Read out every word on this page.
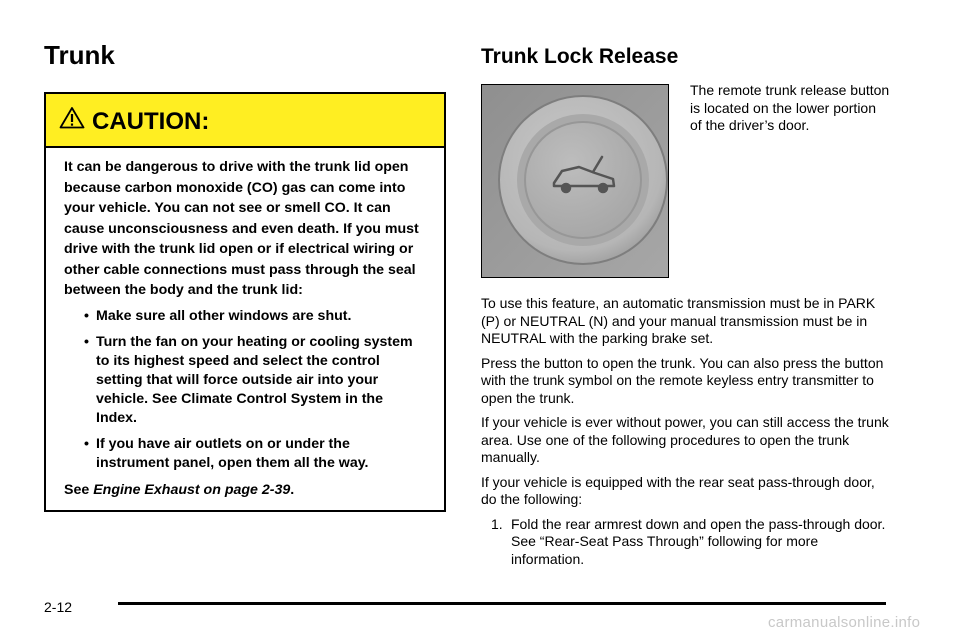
Trunk
CAUTION:

It can be dangerous to drive with the trunk lid open because carbon monoxide (CO) gas can come into your vehicle. You can not see or smell CO. It can cause unconsciousness and even death. If you must drive with the trunk lid open or if electrical wiring or other cable connections must pass through the seal between the body and the trunk lid:

• Make sure all other windows are shut.
• Turn the fan on your heating or cooling system to its highest speed and select the control setting that will force outside air into your vehicle. See Climate Control System in the Index.
• If you have air outlets on or under the instrument panel, open them all the way.

See Engine Exhaust on page 2-39.

Trunk Lock Release

The remote trunk release button is located on the lower portion of the driver’s door.

To use this feature, an automatic transmission must be in PARK (P) or NEUTRAL (N) and your manual transmission must be in NEUTRAL with the parking brake set.

Press the button to open the trunk. You can also press the button with the trunk symbol on the remote keyless entry transmitter to open the trunk.

If your vehicle is ever without power, you can still access the trunk area. Use one of the following procedures to open the trunk manually.

If your vehicle is equipped with the rear seat pass-through door, do the following:

1. Fold the rear armrest down and open the pass-through door. See “Rear-Seat Pass Through” following for more information.
2-12
carmanualsonline.info
